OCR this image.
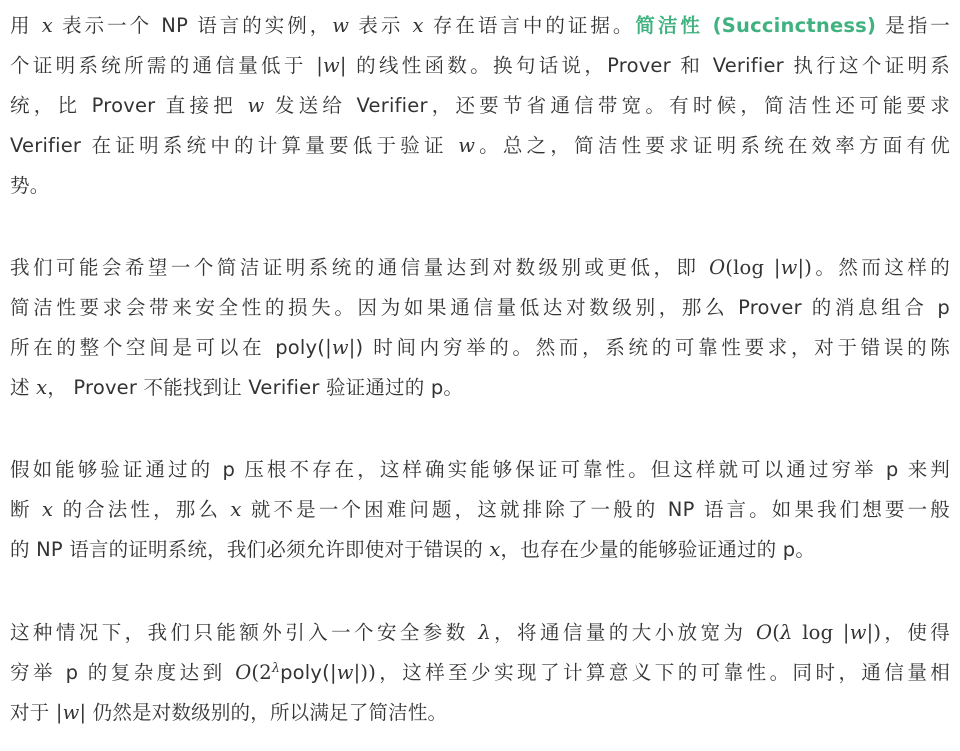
用 x 表示一个 NP 语言的实例，w 表示 x 存在语言中的证据。简洁性 (Succinctness) 是指一
个证明系统所需的通信量低于 |w| 的线性函数。换句话说，Prover 和 Verifier 执行这个证明系
统，比 Prover 直接把 w 发送给 Verifier，还要节省通信带宽。有时候，简洁性还可能要求
Verifier 在证明系统中的计算量要低于验证 w。总之，简洁性要求证明系统在效率方面有优
势。
我们可能会希望一个简洁证明系统的通信量达到对数级别或更低，即 O(log |w|)。然而这样的
简洁性要求会带来安全性的损失。因为如果通信量低达对数级别，那么 Prover 的消息组合 p
所在的整个空间是可以在 poly(|w|) 时间内穷举的。然而，系统的可靠性要求，对于错误的陈
述 x， Prover 不能找到让 Verifier 验证通过的 p。
假如能够验证通过的 p 压根不存在，这样确实能够保证可靠性。但这样就可以通过穷举 p 来判
断 x 的合法性，那么 x 就不是一个困难问题，这就排除了一般的 NP 语言。如果我们想要一般
的 NP 语言的证明系统，我们必须允许即使对于错误的 x，也存在少量的能够验证通过的 p。
这种情况下，我们只能额外引入一个安全参数 λ，将通信量的大小放宽为 O(λ log |w|)，使得
穷举 p 的复杂度达到 $O(2^\lambda poly(|w|))$，这样至少实现了计算意义下的可靠性。同时，通信量相
对于 |w| 仍然是对数级别的，所以满足了简洁性。
